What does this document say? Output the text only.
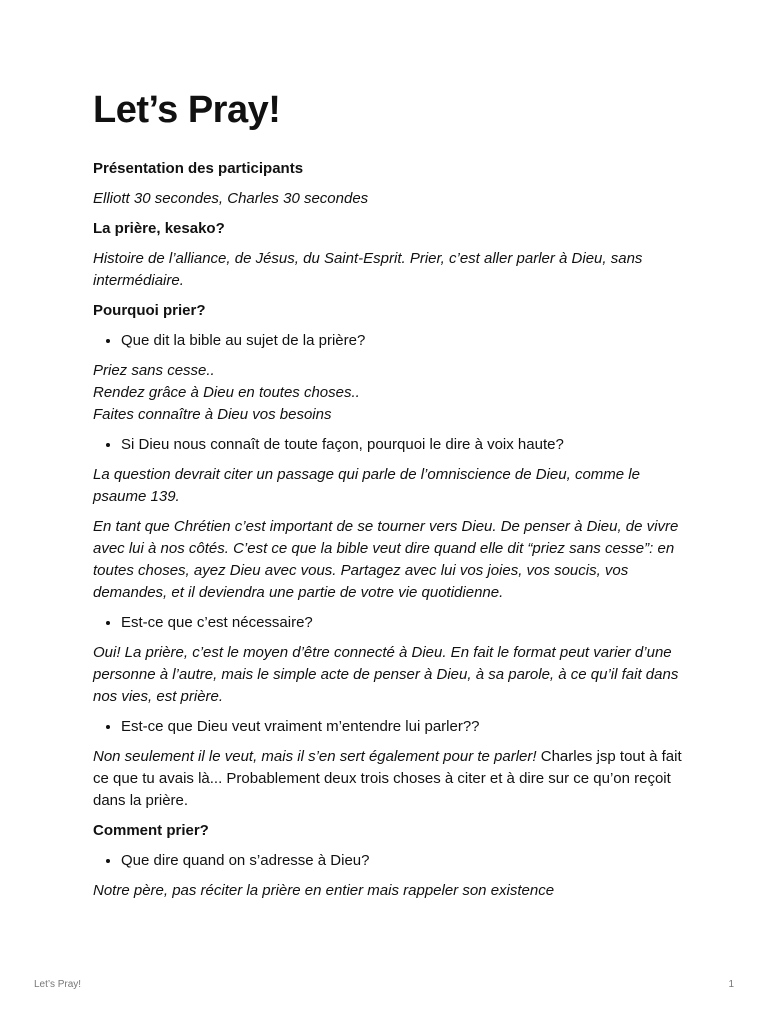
Let’s Pray!
Présentation des participants

Elliott 30 secondes, Charles 30 secondes

La prière, kesako?

Histoire de l’alliance, de Jésus, du Saint-Esprit. Prier, c’est aller parler à Dieu, sans intermédiaire.

Pourquoi prier?
• Que dit la bible au sujet de la prière?

Priez sans cesse..
Rendez grâce à Dieu en toutes choses..
Faites connaître à Dieu vos besoins

• Si Dieu nous connaît de toute façon, pourquoi le dire à voix haute?

La question devrait citer un passage qui parle de l’omniscience de Dieu, comme le psaume 139.

En tant que Chrétien c’est important de se tourner vers Dieu. De penser à Dieu, de vivre avec lui à nos côtés. C’est ce que la bible veut dire quand elle dit “priez sans cesse”: en toutes choses, ayez Dieu avec vous. Partagez avec lui vos joies, vos soucis, vos demandes, et il deviendra une partie de votre vie quotidienne.

• Est-ce que c’est nécessaire?

Oui! La prière, c’est le moyen d’être connecté à Dieu. En fait le format peut varier d’une personne à l’autre, mais le simple acte de penser à Dieu, à sa parole, à ce qu’il fait dans nos vies, est prière.

• Est-ce que Dieu veut vraiment m’entendre lui parler??

Non seulement il le veut, mais il s’en sert également pour te parler! Charles jsp tout à fait ce que tu avais là... Probablement deux trois choses à citer et à dire sur ce qu’on reçoit dans la prière.

Comment prier?
• Que dire quand on s’adresse à Dieu?

Notre père, pas réciter la prière en entier mais rappeler son existence

Let’s Pray!	1
